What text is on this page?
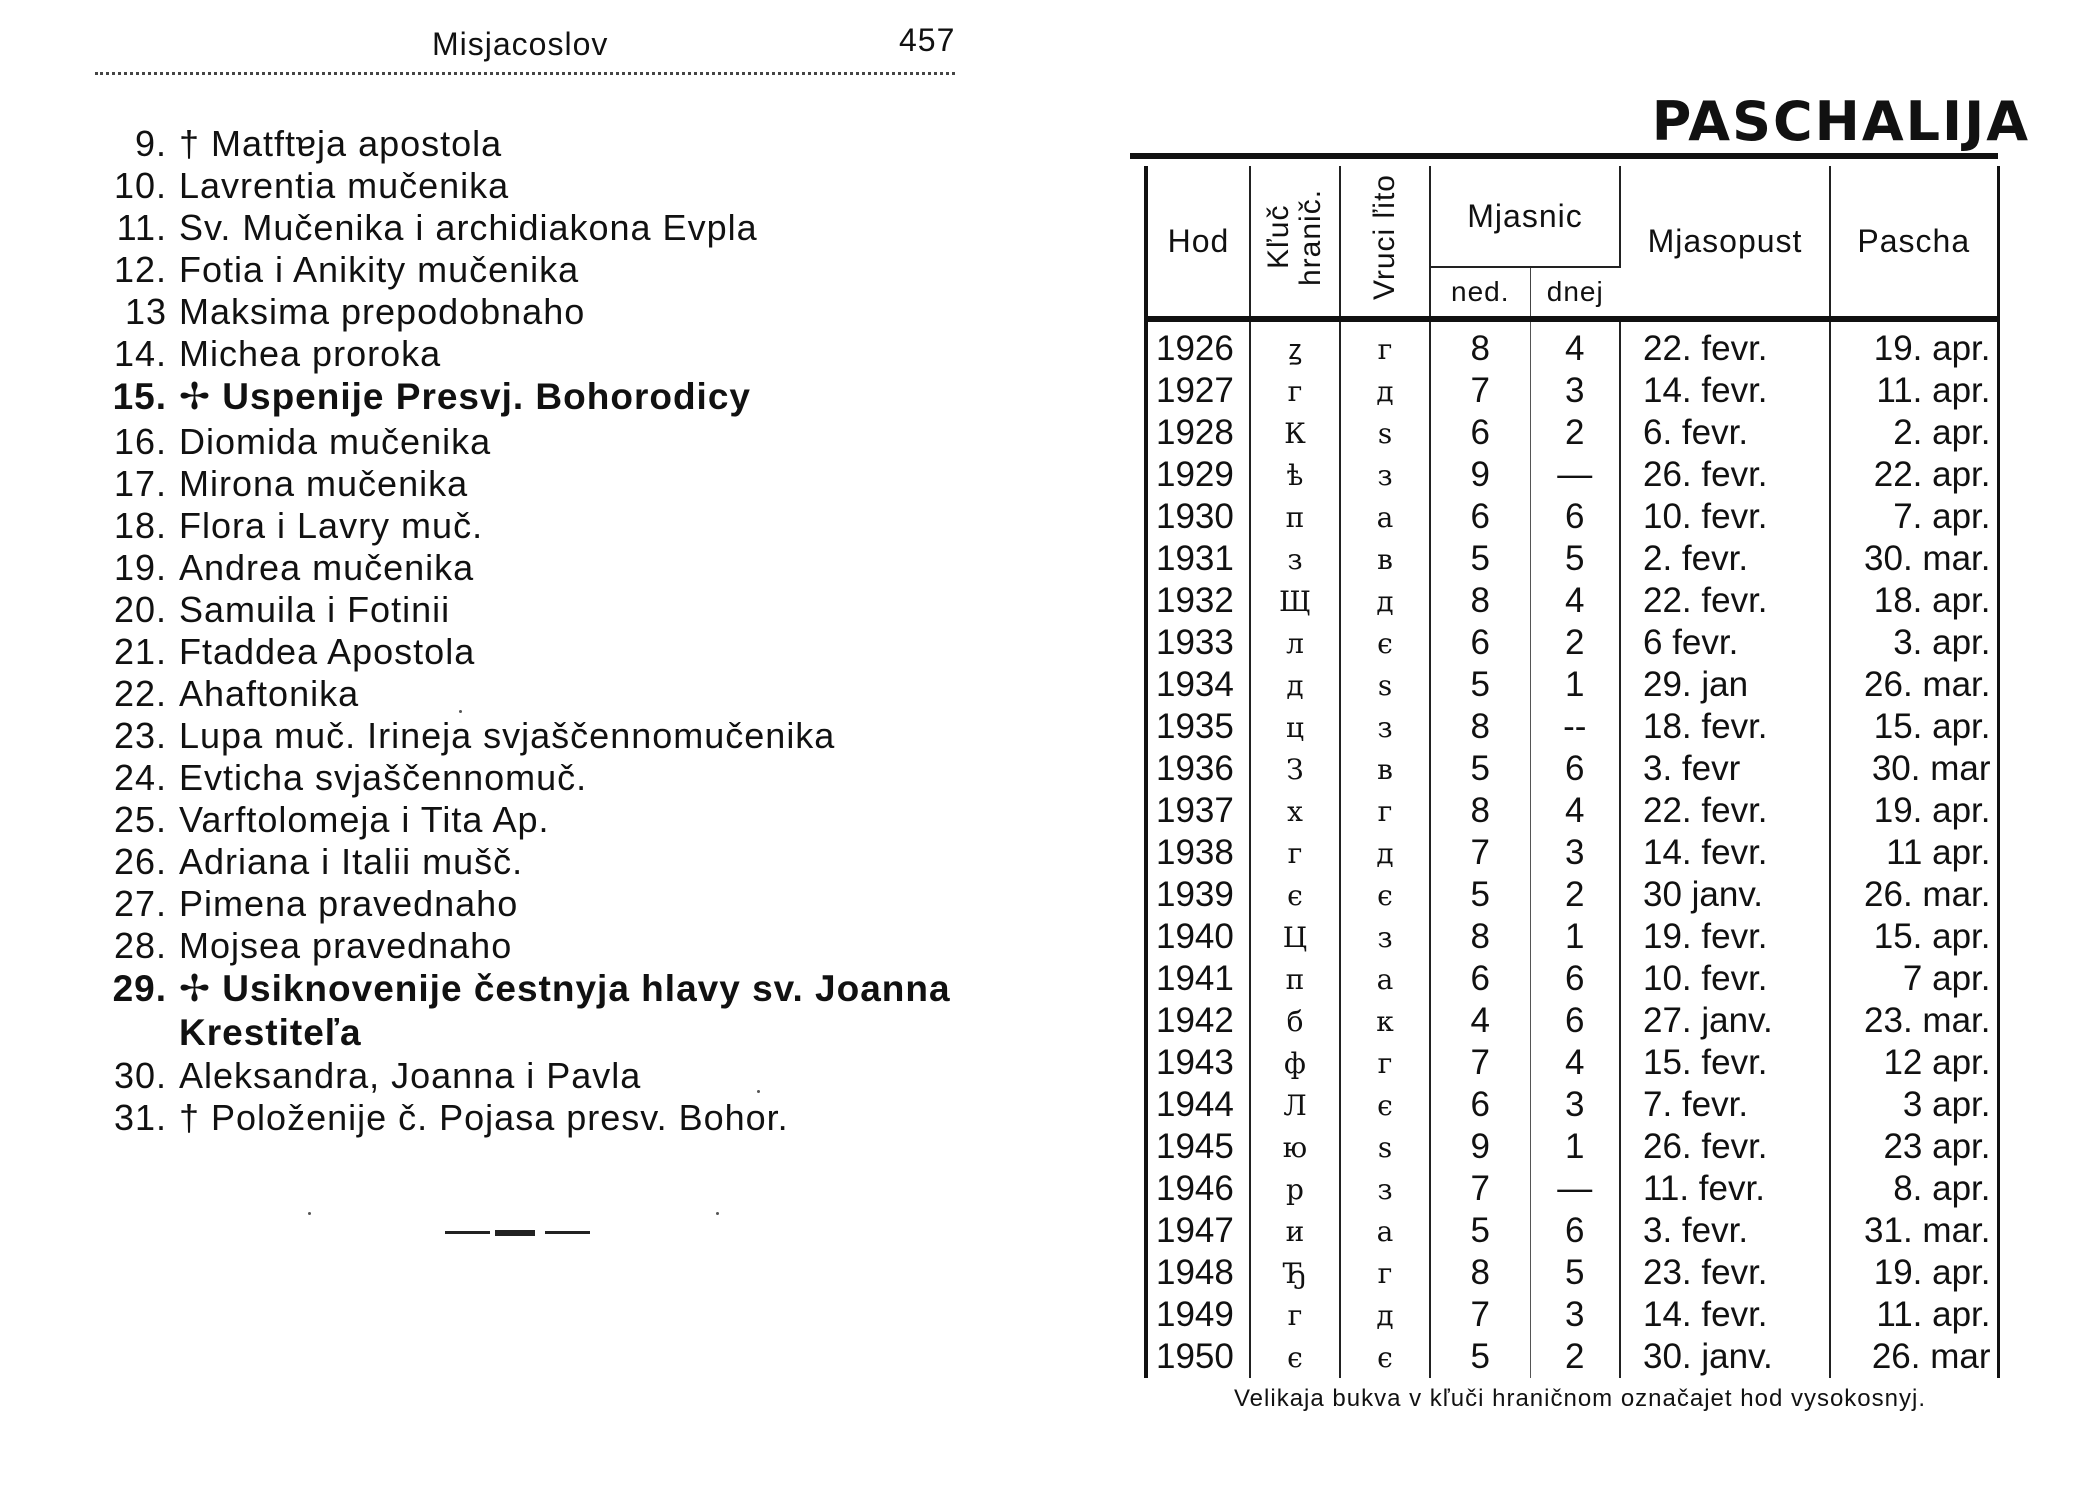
Misjacoslov	457
9. † Matftɐja apostola
10. Lavrentia mučenika
11. Sv. Mučenika i archidiakona Evpla
12. Fotia i Anikity mučenika
13 Maksima prepodobnaho
14. Michea proroka
15. ✢ Uspenije Presvj. Bohorodicy
16. Diomida mučenika
17. Mirona mučenika
18. Flora i Lavry muč.
19. Andrea mučenika
20. Samuila i Fotinii
21. Ftaddea Apostola
22. Ahaftonika
23. Lupa muč. Irineja svjaščennomučenika
24. Evticha svjaščennomuč.
25. Varftolomeja i Tita Ap.
26. Adriana i Italii mušč.
27. Pimena pravednaho
28. Mojsea pravednaho
29. ✢ Usiknovenije čestnyja hlavy sv. Joanna Krestiteľa
30. Aleksandra, Joanna i Pavla
31. † Položenije č. Pojasa presv. Bohor.
PASCHALIJA
Hod	Kľuč hranič.	Vruci ľito	Mjasnic		Mjasopust	Pascha
			ned.	dnej		
1926	ꙁ	г	8	4	22. fevr.	19. apr.
1927	г	д	7	3	14. fevr.	11. apr.
1928	К	ѕ	6	2	6. fevr.	2. apr.
1929	ѣ	з	9	—	26. fevr.	22. apr.
1930	п	а	6	6	10. fevr.	7. apr.
1931	з	в	5	5	2. fevr.	30. mar.
1932	Щ	д	8	4	22. fevr.	18. apr.
1933	л	є	6	2	6 fevr.	3. apr.
1934	д	ѕ	5	1	29. jan	26. mar.
1935	ц	з	8	--	18. fevr.	15. apr.
1936	З	в	5	6	3. fevr	30. mar
1937	х	г	8	4	22. fevr.	19. apr.
1938	г	д	7	3	14. fevr.	11 apr.
1939	є	є	5	2	30 janv.	26. mar.
1940	Ц	з	8	1	19. fevr.	15. apr.
1941	п	а	6	6	10. fevr.	7 apr.
1942	б	к	4	6	27. janv.	23. mar.
1943	ф	г	7	4	15. fevr.	12 apr.
1944	Л	є	6	3	7. fevr.	3 apr.
1945	ю	ѕ	9	1	26. fevr.	23 apr.
1946	р	з	7	—	11. fevr.	8. apr.
1947	и	а	5	6	3. fevr.	31. mar.
1948	Ђ	г	8	5	23. fevr.	19. apr.
1949	г	д	7	3	14. fevr.	11. apr.
1950	є	є	5	2	30. janv.	26. mar
Velikaja bukva v kľuči hraničnom označajet hod vysokosnyj.
